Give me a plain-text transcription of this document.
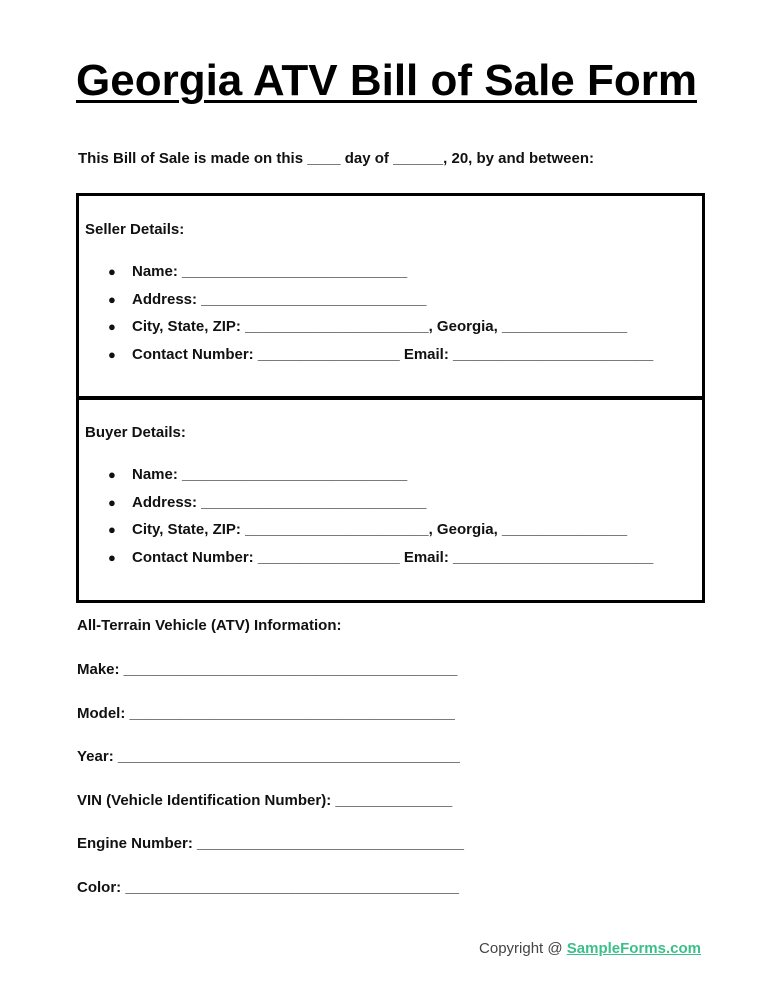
Georgia ATV Bill of Sale Form
This Bill of Sale is made on this ____ day of ______, 20, by and between:
Seller Details:
● Name: ___________________________
● Address: ___________________________
● City, State, ZIP: ______________________, Georgia, _______________
● Contact Number: _________________ Email: ________________________
Buyer Details:
● Name: ___________________________
● Address: ___________________________
● City, State, ZIP: ______________________, Georgia, _______________
● Contact Number: _________________ Email: ________________________
All-Terrain Vehicle (ATV) Information:
Make: ________________________________________
Model: _______________________________________
Year: _________________________________________
VIN (Vehicle Identification Number): ______________
Engine Number: ________________________________
Color: ________________________________________
Copyright @ SampleForms.com
